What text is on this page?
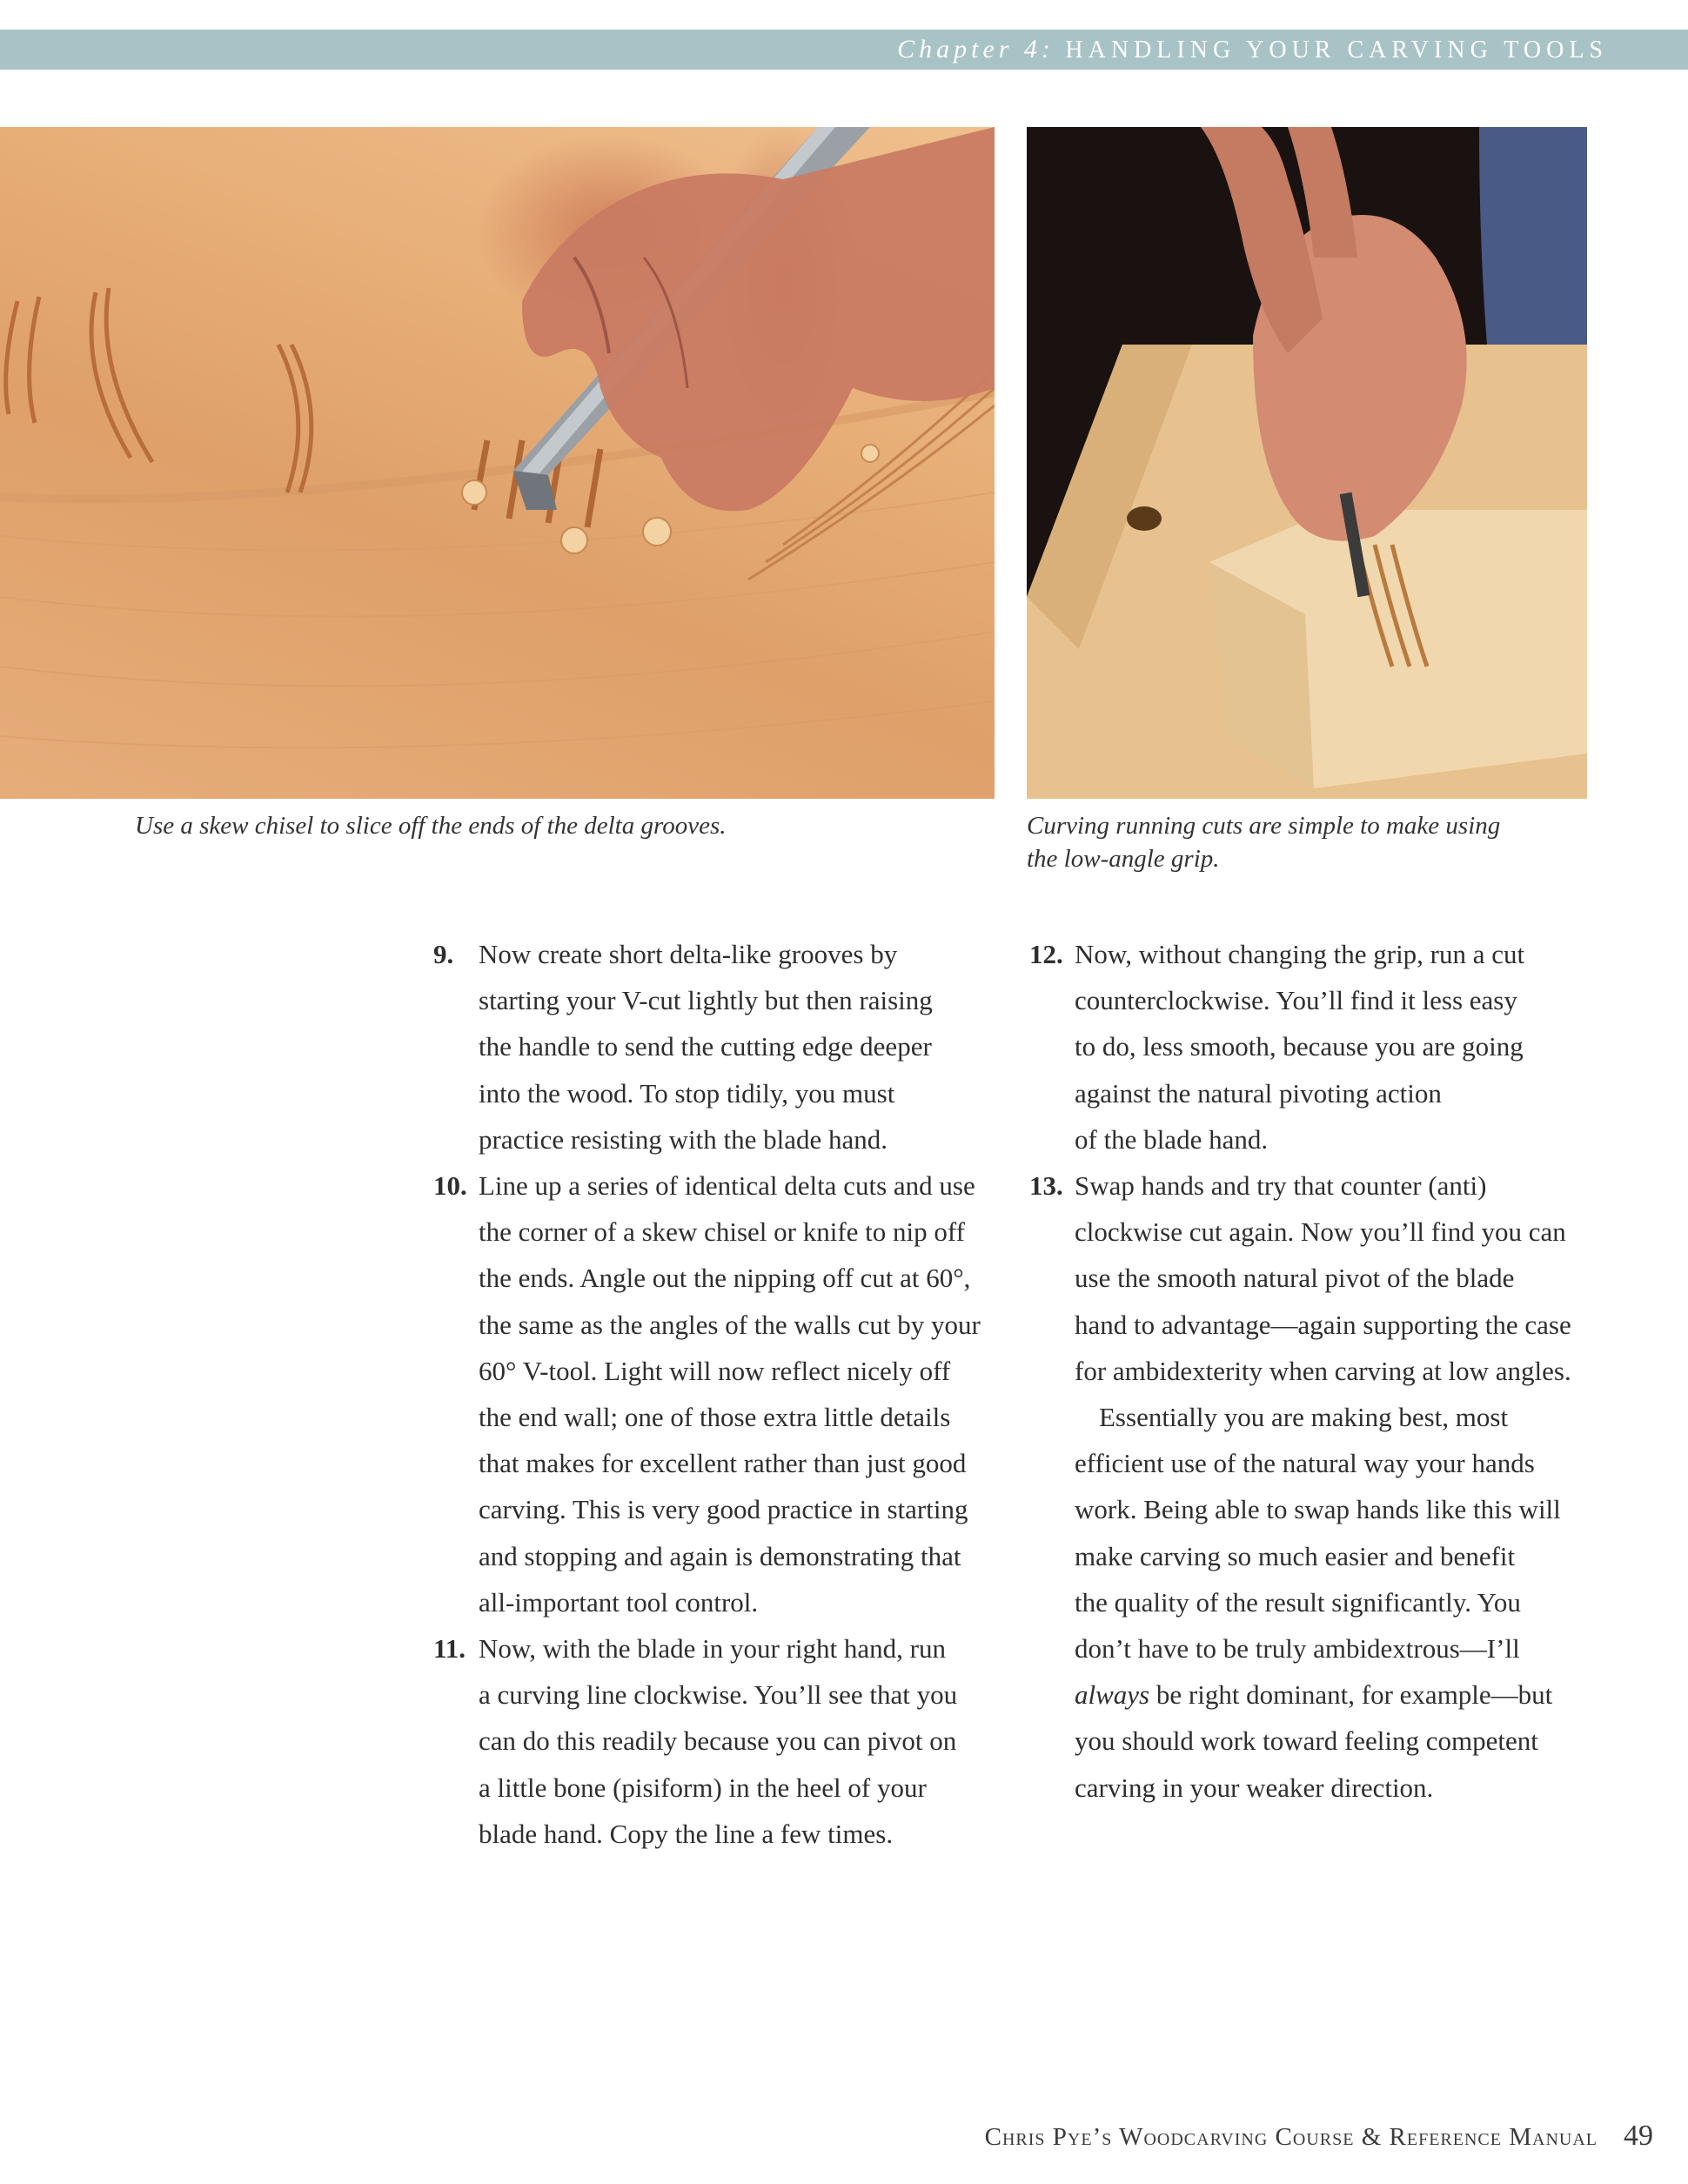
Chapter 4: HANDLING YOUR CARVING TOOLS
Use a skew chisel to slice off the ends of the delta grooves.	Curving running cuts are simple to make using
the low-angle grip.
9. Now create short delta-like grooves by
starting your V-cut lightly but then raising
the handle to send the cutting edge deeper
into the wood. To stop tidily, you must
practice resisting with the blade hand.
10. Line up a series of identical delta cuts and use
the corner of a skew chisel or knife to nip off
the ends. Angle out the nipping off cut at 60°,
the same as the angles of the walls cut by your
60° V-tool. Light will now reflect nicely off
the end wall; one of those extra little details
that makes for excellent rather than just good
carving. This is very good practice in starting
and stopping and again is demonstrating that
all-important tool control.
11. Now, with the blade in your right hand, run
a curving line clockwise. You’ll see that you
can do this readily because you can pivot on
a little bone (pisiform) in the heel of your
blade hand. Copy the line a few times.
12. Now, without changing the grip, run a cut
counterclockwise. You’ll find it less easy
to do, less smooth, because you are going
against the natural pivoting action
of the blade hand.
13. Swap hands and try that counter (anti)
clockwise cut again. Now you’ll find you can
use the smooth natural pivot of the blade
hand to advantage—again supporting the case
for ambidexterity when carving at low angles.
Essentially you are making best, most
efficient use of the natural way your hands
work. Being able to swap hands like this will
make carving so much easier and benefit
the quality of the result significantly. You
don’t have to be truly ambidextrous—I’ll
always be right dominant, for example—but
you should work toward feeling competent
carving in your weaker direction.
Chris Pye’s Woodcarving Course & Reference Manual 49
